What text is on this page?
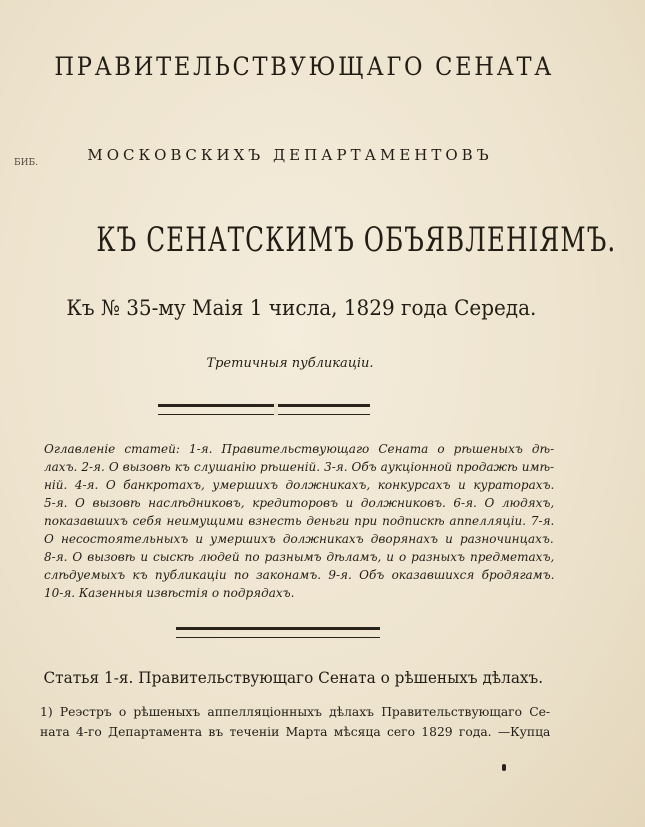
ПРАВИТЕЛЬСТВУЮЩАГО СЕНАТА
БИБ.	МОСКОВСКИХЪ ДЕПАРТАМЕНТОВЪ
КЪ СЕНАТСКИМЪ ОБЪЯВЛЕНІЯМЪ.
Къ № 35-му Маія 1 числа, 1829 года Середа.
Третичныя публикаціи.
Оглавленіе статей: 1-я. Правительствующаго Сената о рѣшеныхъ дѣ-
лахъ. 2-я. О вызовѣ къ слушанію рѣшеній. 3-я. Объ аукціонной продажѣ имѣ-
ній. 4-я. О банкротахъ, умершихъ должникахъ, конкурсахъ и кураторахъ.
5-я. О вызовѣ наслѣдниковъ, кредиторовъ и должниковъ. 6-я. О людяхъ,
показавшихъ себя неимущими взнесть деньги при подпискѣ аппелляціи. 7-я.
О несостоятельныхъ и умершихъ должникахъ дворянахъ и разночинцахъ.
8-я. О вызовѣ и сыскѣ людей по разнымъ дѣламъ, и о разныхъ предметахъ,
слѣдуемыхъ къ публикаціи по законамъ. 9-я. Объ оказавшихся бродягамъ.
10-я. Казенныя извѣстія о подрядахъ.
Статья 1-я. Правительствующаго Сената о рѣшеныхъ дѣлахъ.
1) Реэстръ о рѣшеныхъ аппелляціонныхъ дѣлахъ Правительствующаго Се-
ната 4-го Департамента въ теченіи Марта мѣсяца сего 1829 года. —Купца
